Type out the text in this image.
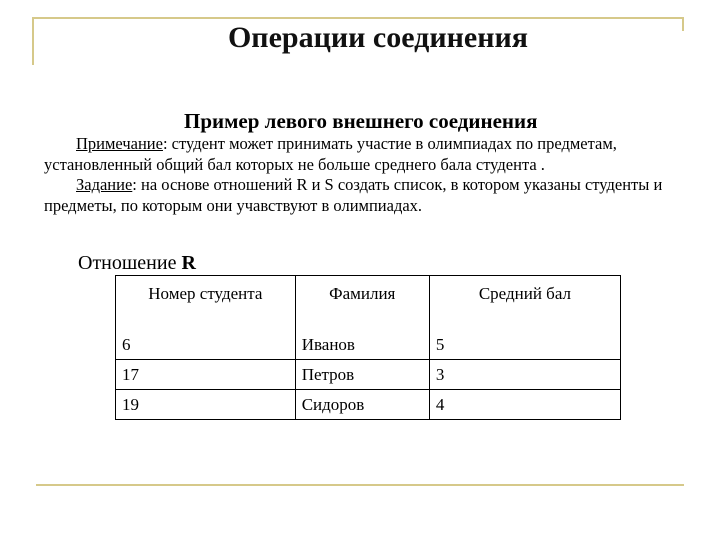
Операции соединения
Пример левого внешнего соединения

Примечание: студент может принимать участие в олимпиадах по предметам, установленный общий бал которых не больше среднего бала студента .

Задание: на основе отношений R и S создать список, в котором указаны студенты и предметы, по которым они учавствуют в олимпиадах.

Отношение R
Номер студента	Фамилия	Средний бал
6	Иванов	5
17	Петров	3
19	Сидоров	4
